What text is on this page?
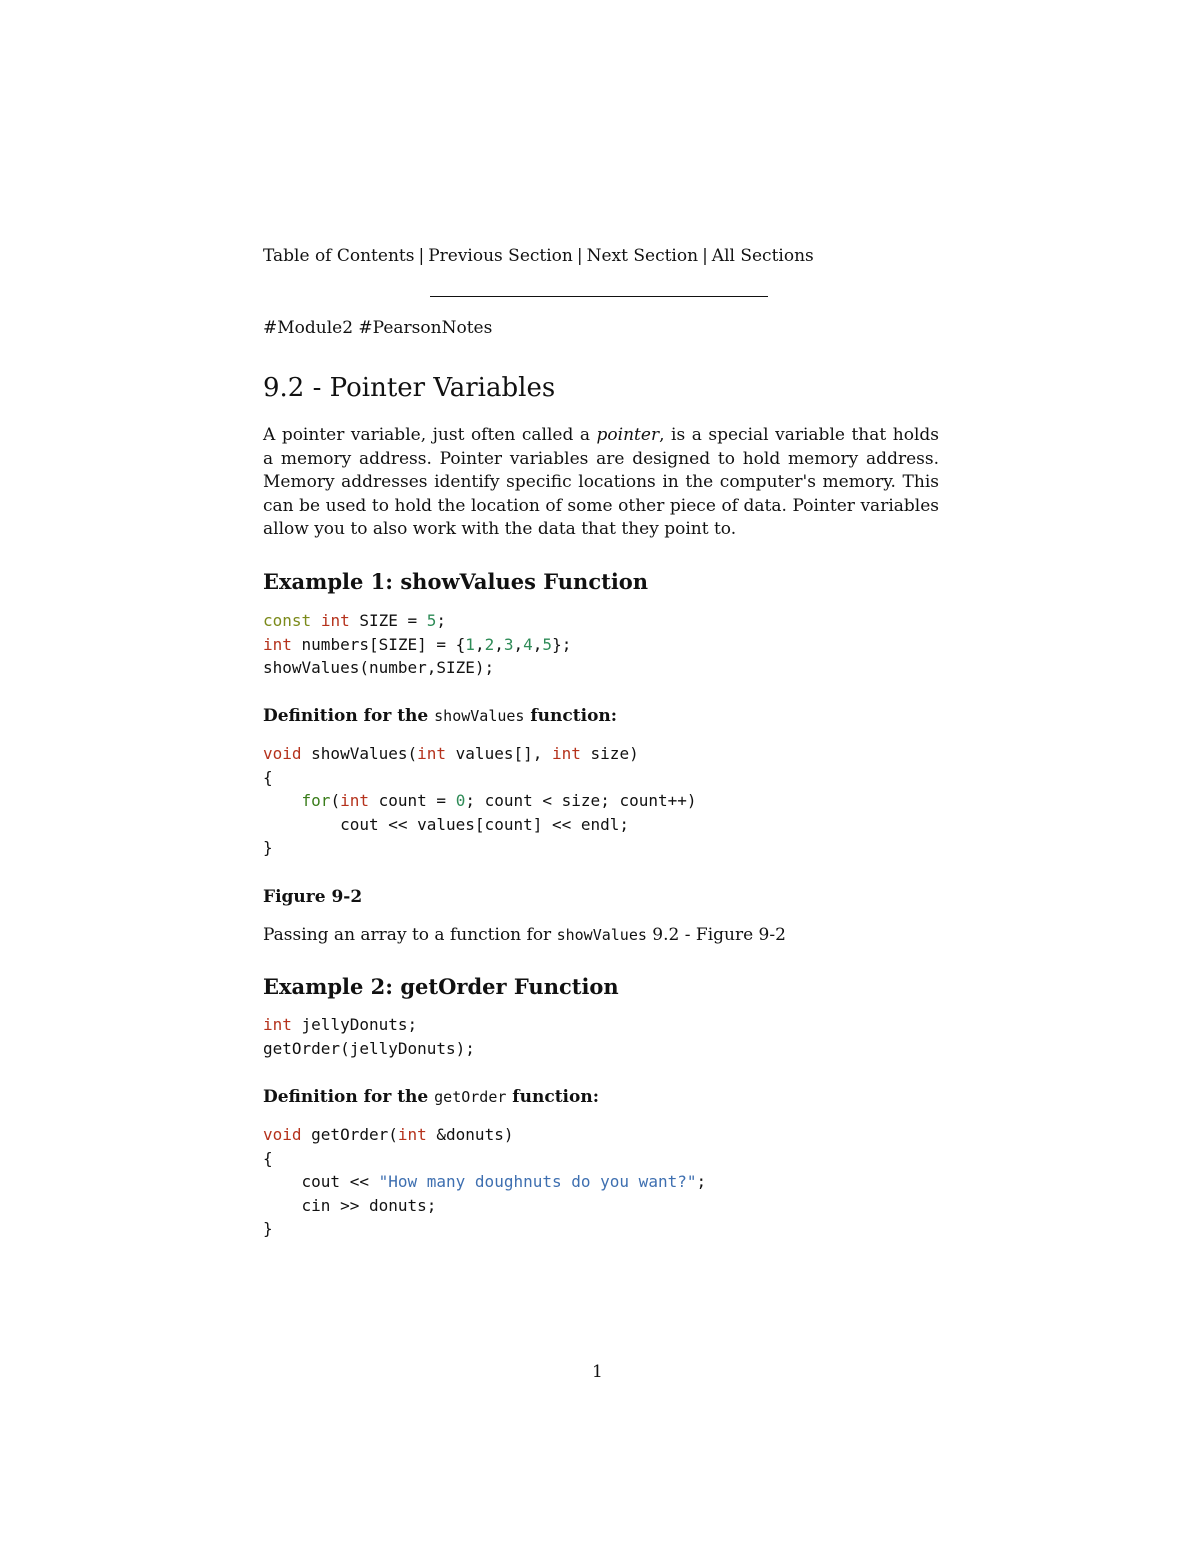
Table of Contents | Previous Section | Next Section | All Sections
#Module2 #PearsonNotes
9.2 - Pointer Variables

A pointer variable, just often called a pointer, is a special variable that holds a memory address. Pointer variables are designed to hold memory address. Memory addresses identify specific locations in the computer's memory. This can be used to hold the location of some other piece of data. Pointer variables allow you to also work with the data that they point to.

Example 1: showValues Function
const int SIZE = 5;
int numbers[SIZE] = {1,2,3,4,5};
showValues(number,SIZE);
Definition for the showValues function:
void showValues(int values[], int size)
{
for(int count = 0; count < size; count++)
cout << values[count] << endl;
}
Figure 9-2
Passing an array to a function for showValues 9.2 - Figure 9-2
Example 2: getOrder Function
int jellyDonuts;
getOrder(jellyDonuts);
Definition for the getOrder function:
void getOrder(int &donuts)
{
cout << "How many doughnuts do you want?";
cin >> donuts;
}
1
